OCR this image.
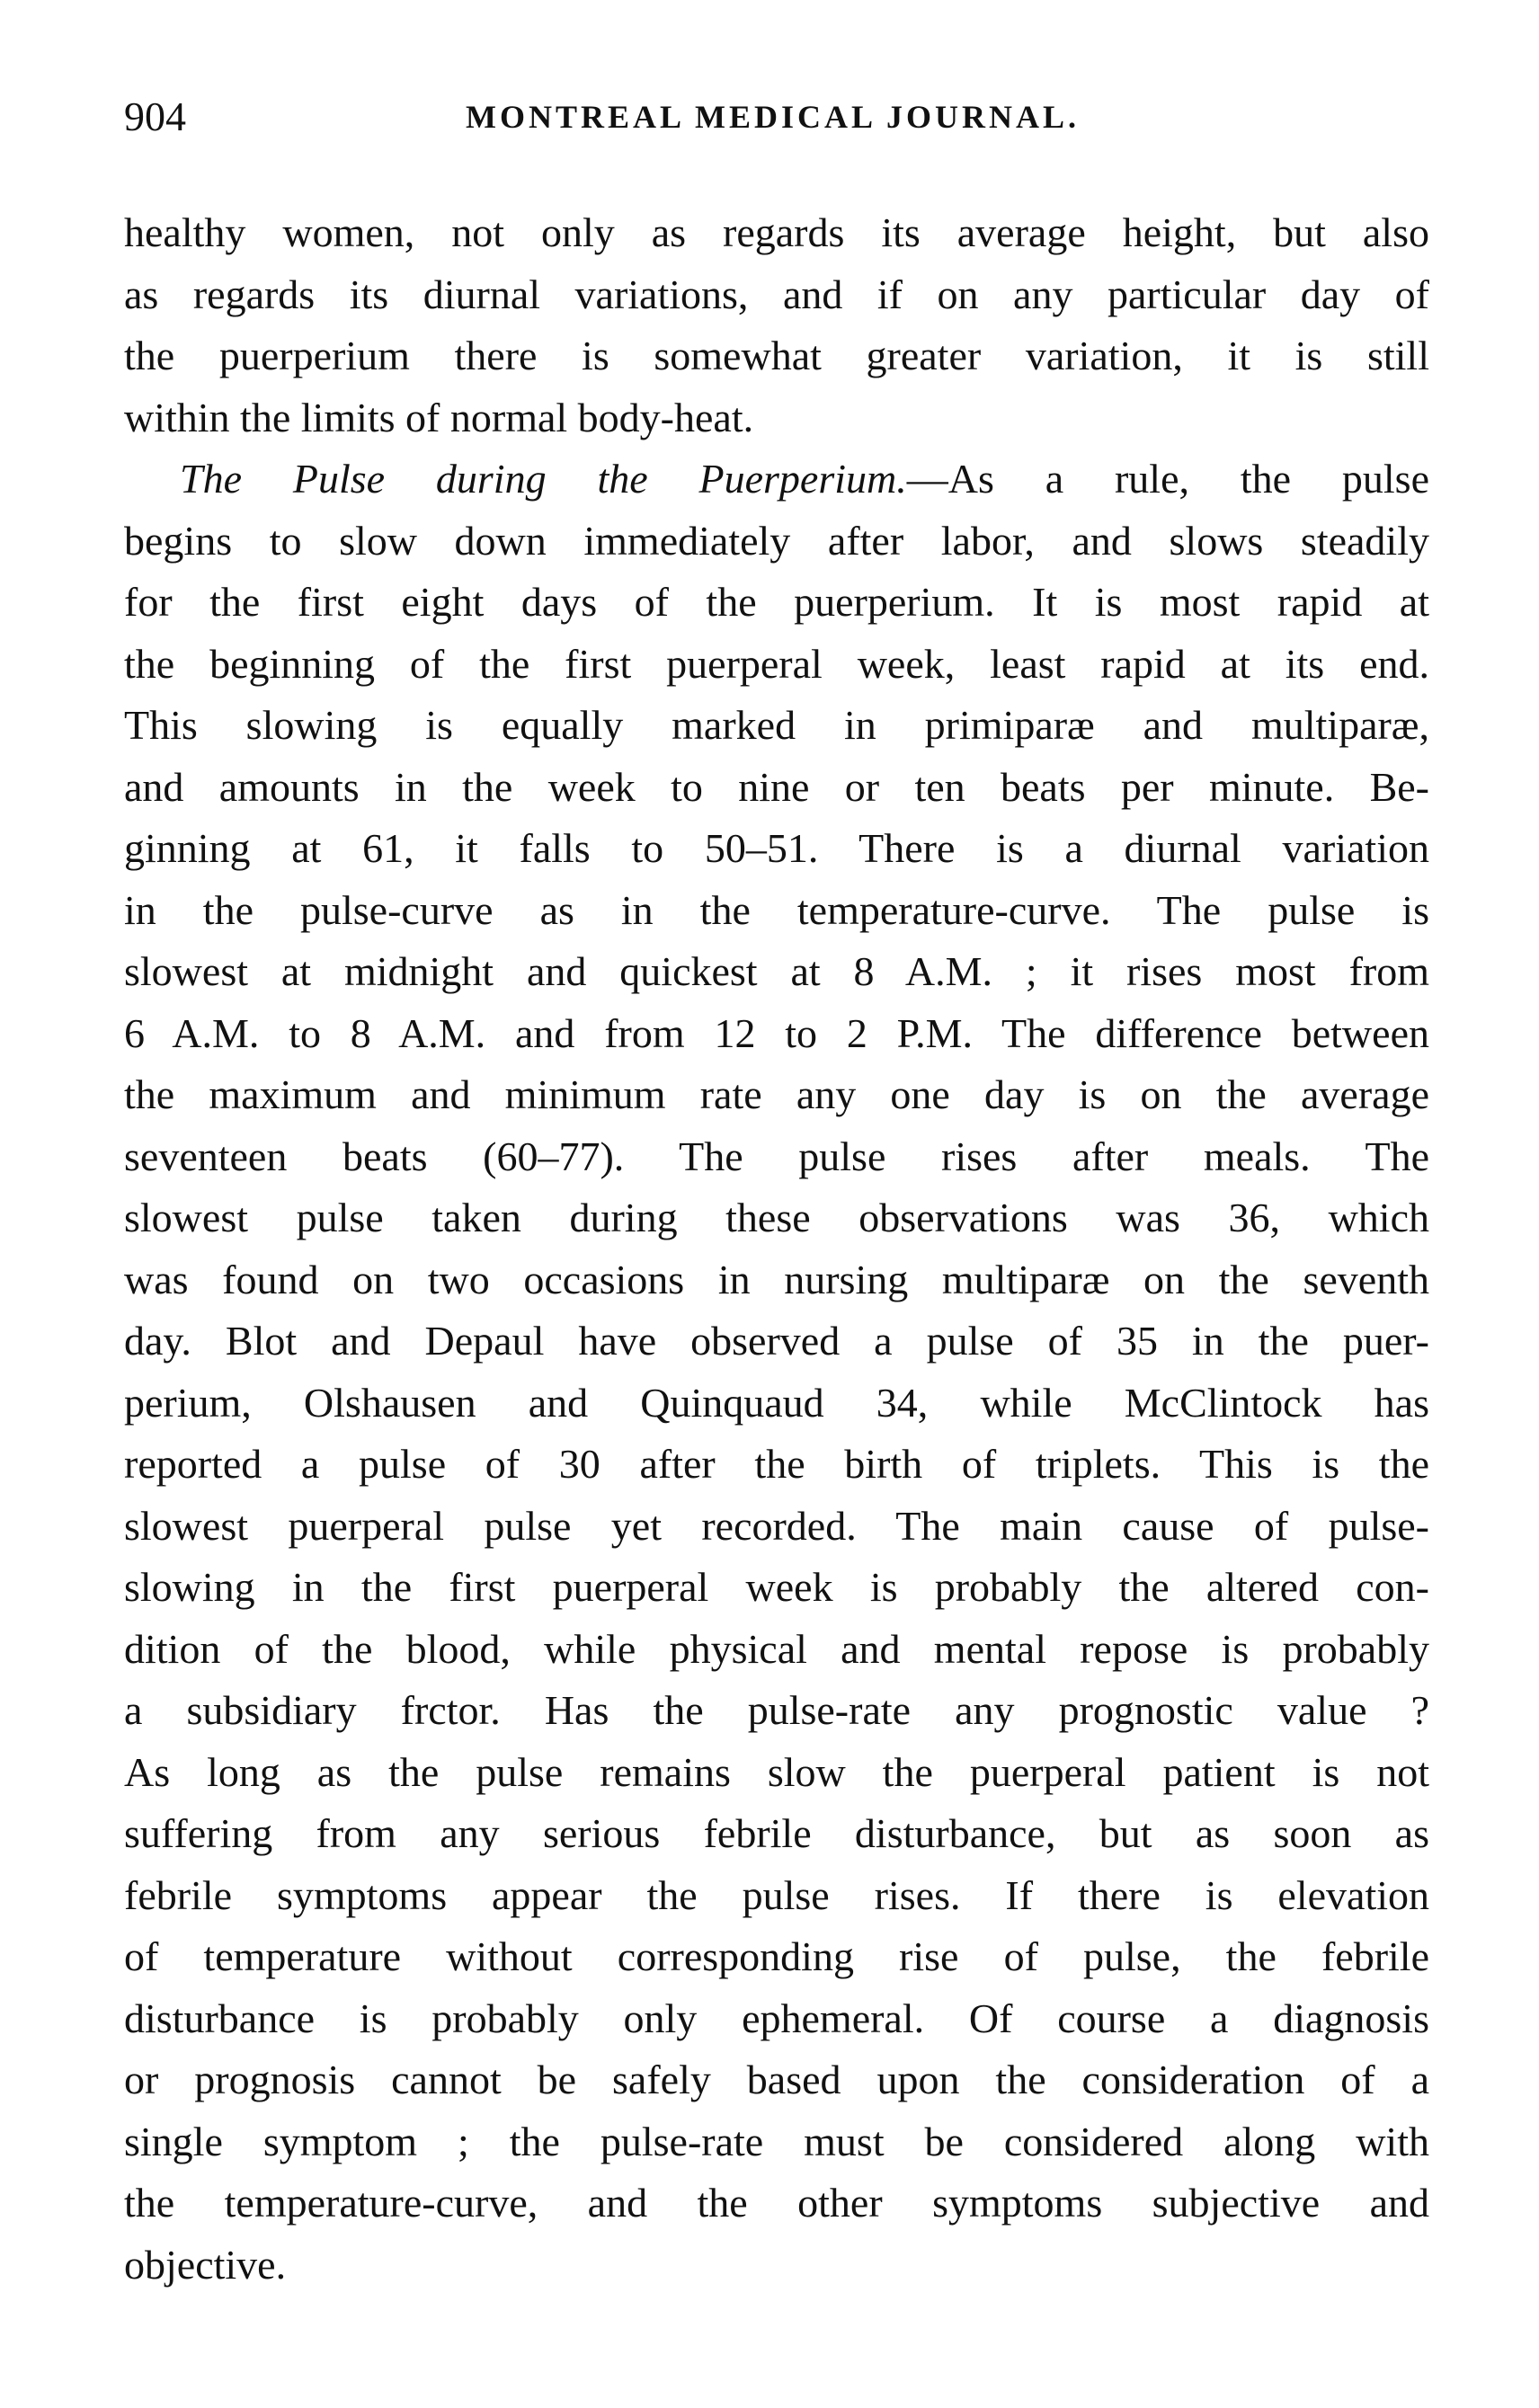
904	MONTREAL MEDICAL JOURNAL.
healthy women, not only as regards its average height, but also
as regards its diurnal variations, and if on any particular day of
the puerperium there is somewhat greater variation, it is still
within the limits of normal body-heat.
The Pulse during the Puerperium.—As a rule, the pulse
begins to slow down immediately after labor, and slows steadily
for the first eight days of the puerperium. It is most rapid at
the beginning of the first puerperal week, least rapid at its end.
This slowing is equally marked in primiparæ and multiparæ,
and amounts in the week to nine or ten beats per minute. Be-
ginning at 61, it falls to 50–51. There is a diurnal variation
in the pulse-curve as in the temperature-curve. The pulse is
slowest at midnight and quickest at 8 A.M. ; it rises most from
6 A.M. to 8 A.M. and from 12 to 2 P.M. The difference between
the maximum and minimum rate any one day is on the average
seventeen beats (60–77). The pulse rises after meals. The
slowest pulse taken during these observations was 36, which
was found on two occasions in nursing multiparæ on the seventh
day. Blot and Depaul have observed a pulse of 35 in the puer-
perium, Olshausen and Quinquaud 34, while McClintock has
reported a pulse of 30 after the birth of triplets. This is the
slowest puerperal pulse yet recorded. The main cause of pulse-
slowing in the first puerperal week is probably the altered con-
dition of the blood, while physical and mental repose is probably
a subsidiary frctor. Has the pulse-rate any prognostic value ?
As long as the pulse remains slow the puerperal patient is not
suffering from any serious febrile disturbance, but as soon as
febrile symptoms appear the pulse rises. If there is elevation
of temperature without corresponding rise of pulse, the febrile
disturbance is probably only ephemeral. Of course a diagnosis
or prognosis cannot be safely based upon the consideration of a
single symptom ; the pulse-rate must be considered along with
the temperature-curve, and the other symptoms subjective and
objective.
